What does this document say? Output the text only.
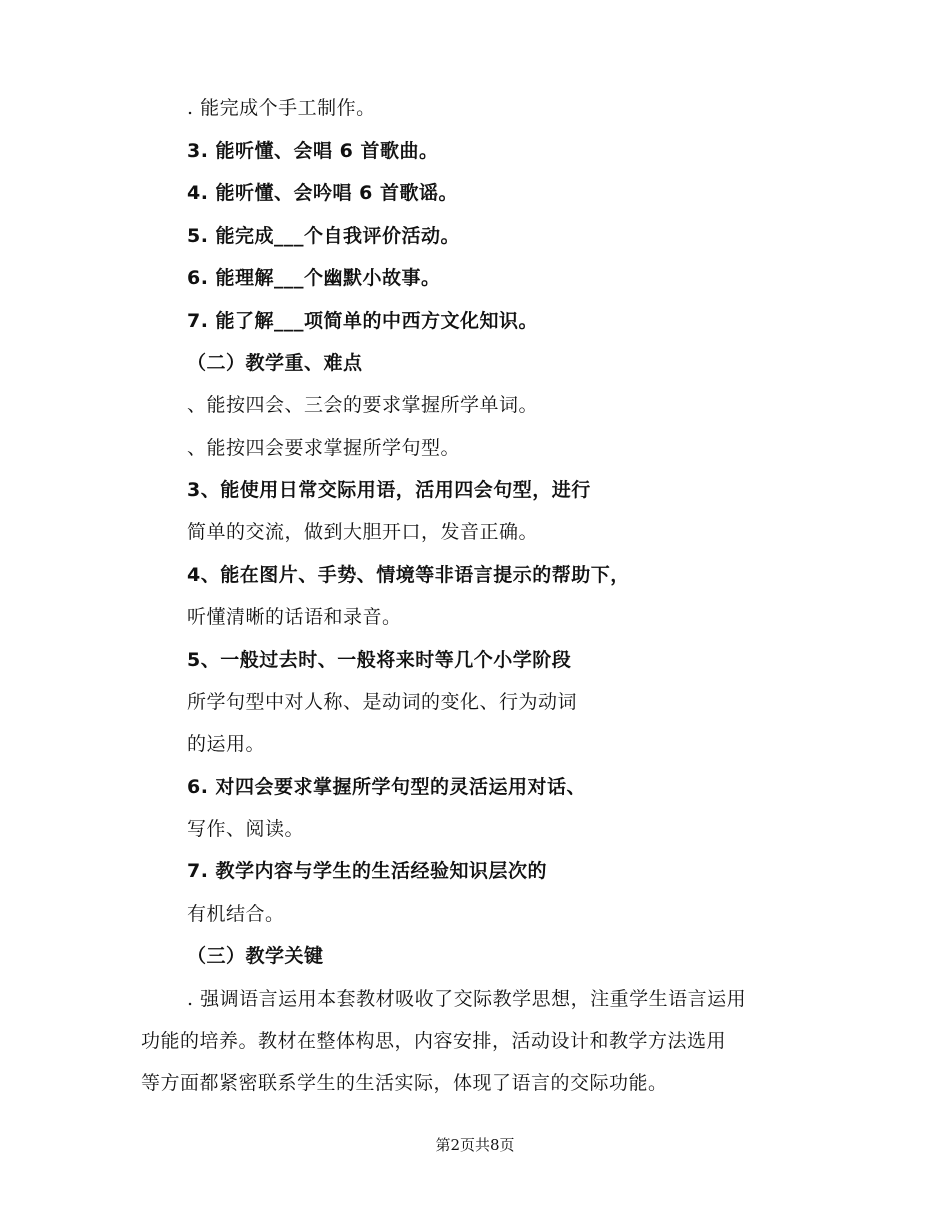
. 能完成个手工制作。
3. 能听懂、会唱 6 首歌曲。
4. 能听懂、会吟唱 6 首歌谣。
5. 能完成___个自我评价活动。
6. 能理解___个幽默小故事。
7. 能了解___项简单的中西方文化知识。
（二）教学重、难点
、能按四会、三会的要求掌握所学单词。
、能按四会要求掌握所学句型。
3、能使用日常交际用语，活用四会句型，进行
简单的交流，做到大胆开口，发音正确。
4、能在图片、手势、情境等非语言提示的帮助下，
听懂清晰的话语和录音。
5、一般过去时、一般将来时等几个小学阶段
所学句型中对人称、是动词的变化、行为动词
的运用。
6. 对四会要求掌握所学句型的灵活运用对话、
写作、阅读。
7. 教学内容与学生的生活经验知识层次的
有机结合。
（三）教学关键
. 强调语言运用本套教材吸收了交际教学思想，注重学生语言运用
功能的培养。教材在整体构思，内容安排，活动设计和教学方法选用
等方面都紧密联系学生的生活实际，体现了语言的交际功能。
第2页共8页
